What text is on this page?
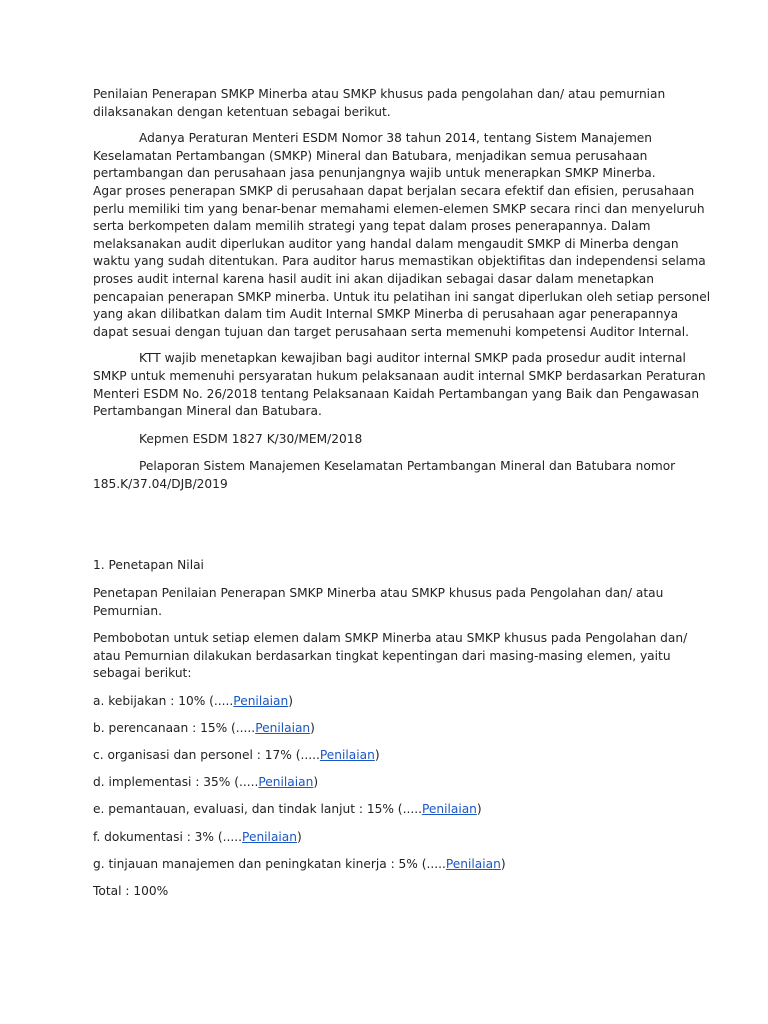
Penilaian Penerapan SMKP Minerba atau SMKP khusus pada pengolahan dan/ atau pemurnian

dilaksanakan dengan ketentuan sebagai berikut.

Adanya Peraturan Menteri ESDM Nomor 38 tahun 2014, tentang Sistem Manajemen

Keselamatan Pertambangan (SMKP) Mineral dan Batubara, menjadikan semua perusahaan

pertambangan dan perusahaan jasa penunjangnya wajib untuk menerapkan SMKP Minerba.

Agar proses penerapan SMKP di perusahaan dapat berjalan secara efektif dan efisien, perusahaan

perlu memiliki tim yang benar-benar memahami elemen-elemen SMKP secara rinci dan menyeluruh

serta berkompeten dalam memilih strategi yang tepat dalam proses penerapannya. Dalam

melaksanakan audit diperlukan auditor yang handal dalam mengaudit SMKP di Minerba dengan

waktu yang sudah ditentukan. Para auditor harus memastikan objektifitas dan independensi selama

proses audit internal karena hasil audit ini akan dijadikan sebagai dasar dalam menetapkan

pencapaian penerapan SMKP minerba. Untuk itu pelatihan ini sangat diperlukan oleh setiap personel

yang akan dilibatkan dalam tim Audit Internal SMKP Minerba di perusahaan agar penerapannya

dapat sesuai dengan tujuan dan target perusahaan serta memenuhi kompetensi Auditor Internal.

KTT wajib menetapkan kewajiban bagi auditor internal SMKP pada prosedur audit internal

SMKP untuk memenuhi persyaratan hukum pelaksanaan audit internal SMKP berdasarkan Peraturan

Menteri ESDM No. 26/2018 tentang Pelaksanaan Kaidah Pertambangan yang Baik dan Pengawasan

Pertambangan Mineral dan Batubara.

Kepmen ESDM 1827 K/30/MEM/2018

Pelaporan Sistem Manajemen Keselamatan Pertambangan Mineral dan Batubara nomor

185.K/37.04/DJB/2019

1. Penetapan Nilai

Penetapan Penilaian Penerapan SMKP Minerba atau SMKP khusus pada Pengolahan dan/ atau

Pemurnian.

Pembobotan untuk setiap elemen dalam SMKP Minerba atau SMKP khusus pada Pengolahan dan/

atau Pemurnian dilakukan berdasarkan tingkat kepentingan dari masing-masing elemen, yaitu

sebagai berikut:

a. kebijakan : 10% (.....Penilaian)

b. perencanaan : 15% (.....Penilaian)

c. organisasi dan personel : 17% (.....Penilaian)

d. implementasi : 35% (.....Penilaian)

e. pemantauan, evaluasi, dan tindak lanjut : 15% (.....Penilaian)

f. dokumentasi : 3% (.....Penilaian)

g. tinjauan manajemen dan peningkatan kinerja : 5% (.....Penilaian)

Total : 100%
